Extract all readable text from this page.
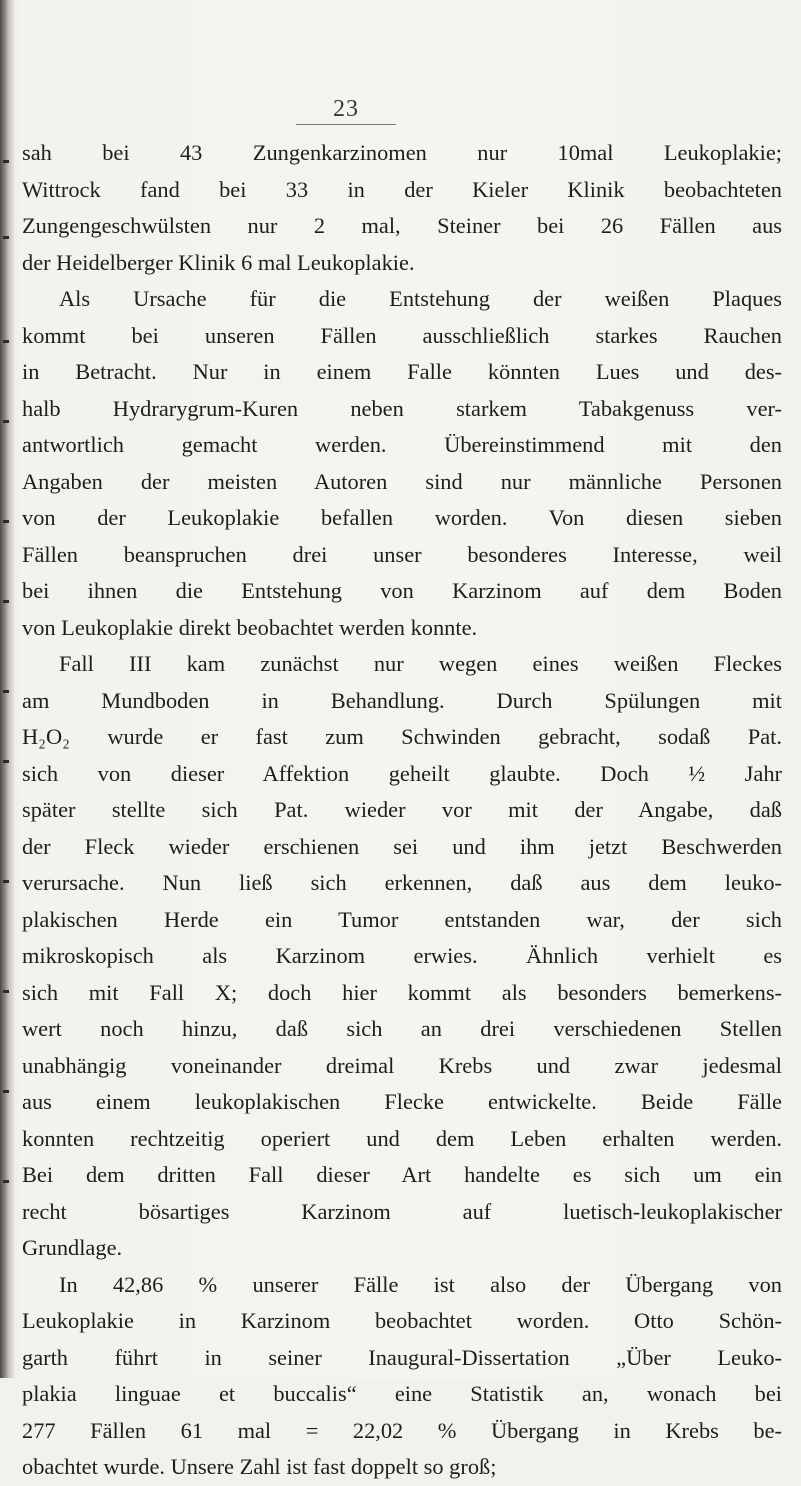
23
sah bei 43 Zungenkarzinomen nur 10mal Leukoplakie;
Wittrock fand bei 33 in der Kieler Klinik beobachteten
Zungengeschwülsten nur 2 mal, Steiner bei 26 Fällen aus
der Heidelberger Klinik 6 mal Leukoplakie.
Als Ursache für die Entstehung der weißen Plaques
kommt bei unseren Fällen ausschließlich starkes Rauchen
in Betracht. Nur in einem Falle könnten Lues und des-
halb Hydrarygrum-Kuren neben starkem Tabakgenuss ver-
antwortlich gemacht werden. Übereinstimmend mit den
Angaben der meisten Autoren sind nur männliche Personen
von der Leukoplakie befallen worden. Von diesen sieben
Fällen beanspruchen drei unser besonderes Interesse, weil
bei ihnen die Entstehung von Karzinom auf dem Boden
von Leukoplakie direkt beobachtet werden konnte.
Fall III kam zunächst nur wegen eines weißen Fleckes
am Mundboden in Behandlung. Durch Spülungen mit
H₂O₂ wurde er fast zum Schwinden gebracht, sodaß Pat.
sich von dieser Affektion geheilt glaubte. Doch ½ Jahr
später stellte sich Pat. wieder vor mit der Angabe, daß
der Fleck wieder erschienen sei und ihm jetzt Beschwerden
verursache. Nun ließ sich erkennen, daß aus dem leuko-
plakischen Herde ein Tumor entstanden war, der sich
mikroskopisch als Karzinom erwies. Ähnlich verhielt es
sich mit Fall X; doch hier kommt als besonders bemerkens-
wert noch hinzu, daß sich an drei verschiedenen Stellen
unabhängig voneinander dreimal Krebs und zwar jedesmal
aus einem leukoplakischen Flecke entwickelte. Beide Fälle
konnten rechtzeitig operiert und dem Leben erhalten werden.
Bei dem dritten Fall dieser Art handelte es sich um ein
recht bösartiges Karzinom auf luetisch-leukoplakischer
Grundlage.
In 42,86 % unserer Fälle ist also der Übergang von
Leukoplakie in Karzinom beobachtet worden. Otto Schön-
garth führt in seiner Inaugural-Dissertation „Über Leuko-
plakia linguae et buccalis“ eine Statistik an, wonach bei
277 Fällen 61 mal = 22,02 % Übergang in Krebs be-
obachtet wurde. Unsere Zahl ist fast doppelt so groß;
